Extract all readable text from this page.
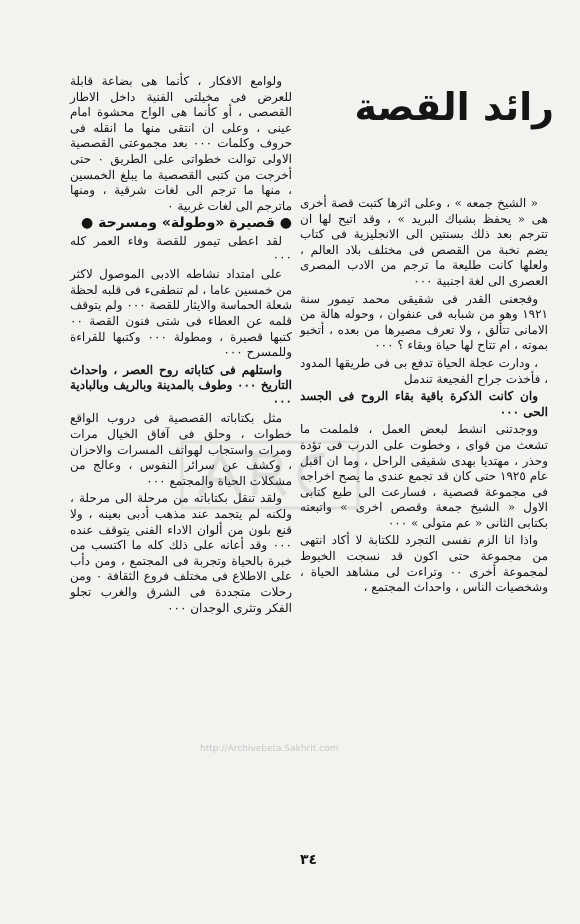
رائد القصة

ولوامع الافكار ، كأنما هى بضاعة قابلة للعرض فى مخيلتى الفنية داخل الاطار القصصى ، أو كأنما هى الواح محشوة امام عينى ، وعلى ان انتقى منها ما انقله فى حروف وكلمات ٠٠٠ بعد مجموعتى القصصية الاولى توالت خطواتى على الطريق ٠ حتى أخرجت من كتبى القصصية ما يبلغ الخمسين ، منها ما ترجم الى لغات شرقية ، ومنها ماترجم الى لغات غربية ٠

● قصيرة «وطولة» ومسرحة ●

لقد اعطى تيمور للقصة وفاء العمر كله ٠٠٠

على امتداد نشاطه الادبى الموصول لاكثر من خمسين عاما ، لم تنطفىء فى قلبه لحظة شعلة الحماسة والايثار للقصة ٠٠٠ ولم يتوقف قلمه عن العطاء فى شتى فنون القصة ٠٠ كتبها قصيرة ، ومطولة ٠٠٠ وكتبها للقراءة وللمسرح ٠٠٠

واستلهم فى كتاباته روح العصر ، واحداث التاريخ ٠٠٠ وطوف بالمدينة وبالريف وبالبادية ٠٠٠

مثل بكتاباته القصصية فى دروب الواقع خطوات ، وحلق فى آفاق الخيال مرات ومرات واستجاب لهواتف المسرات والاحزان ، وكشف عن سرائر النفوس ، وعالج من مشكلات الحياة والمجتمع ٠٠٠

ولقد تنقل بكتاباته من مرحلة الى مرحلة ، ولكنه لم يتجمد عند مذهب أدبى بعينه ، ولا قنع بلون من ألوان الاداء الفنى يتوقف عنده ٠٠٠ وقد أعانه على ذلك كله ما اكتسب من خبرة بالحياة وتجربة فى المجتمع ، ومن دأب على الاطلاع فى مختلف فروع الثقافة ٠ ومن رحلات متجددة فى الشرق والغرب تجلو الفكر وتثرى الوجدان ٠٠٠

« الشيخ جمعه » ، وعلى اثرها كتبت قصة أخرى هى « يحفظ بشباك البريد » ، وقد اتيح لها ان تترجم بعد ذلك بسنتين الى الانجليزية فى كتاب يضم نخبة من القصص فى مختلف بلاد العالم ، ولعلها كانت طليعة ما ترجم من الادب المصرى العصرى الى لغة اجنبية ٠٠٠

وفجعنى القدر فى شقيقى محمد تيمور سنة ١٩٢١ وهو من شبابه فى عنفوان ، وحوله هالة من الامانى تتألق ، ولا تعرف مصيرها من بعده ، أتخبو بموته ، ام تتاح لها حياة وبقاء ؟ ٠٠٠

، ودارت عجلة الحياة تدفع بى فى طريقها المدود ، فأخذت جراح الفجيعة تندمل

وان كانت الذكرة باقية بقاء الروح فى الجسد الحى ٠٠٠

ووجدتنى انشط لبعض العمل ، فلملمت ما تشعث من قواى ، وخطوت على الدرب فى تؤدة وحذر ، مهتديا بهدى شقيقى الراحل ، وما ان اقبل عام ١٩٢٥ حتى كان قد تجمع عندى ما يصح اخراجه فى مجموعة قصصية ، فسارعت الى طبع كتابى الاول « الشيخ جمعة وقصص اخرى » واتبعته بكتابى الثانى « عم متولى » ٠٠٠

واذا انا الزم نفسى التجرد للكتابة لا أكاد انتهى من مجموعة حتى اكون قد نسجت الخيوط لمجموعة أخرى ٠٠ وتراءت لى مشاهد الحياة ، وشخصيات الناس ، واحداث المجتمع ،

http://Archivebeta.Sakhrit.com
٣٤
